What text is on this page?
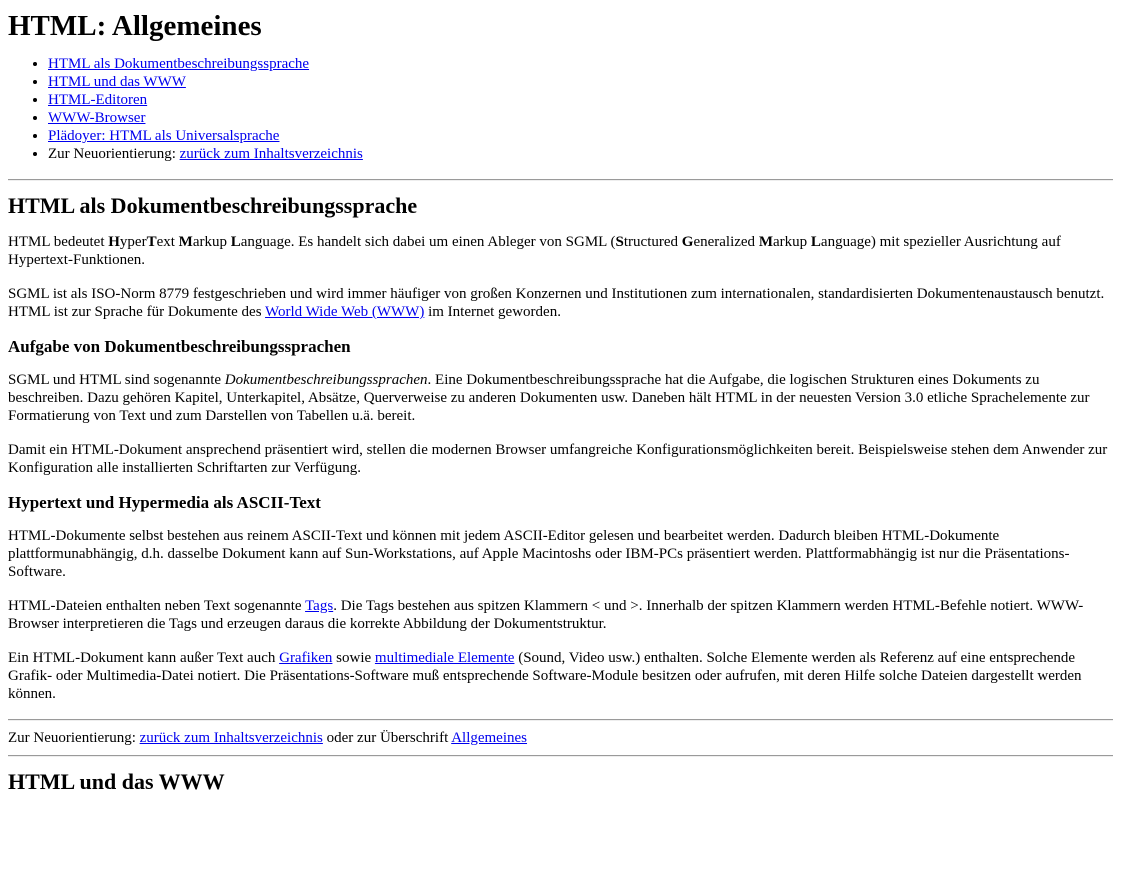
HTML: Allgemeines
• HTML als Dokumentbeschreibungssprache
• HTML und das WWW
• HTML-Editoren
• WWW-Browser
• Plädoyer: HTML als Universalsprache
• Zur Neuorientierung: zurück zum Inhaltsverzeichnis
HTML als Dokumentbeschreibungssprache

HTML bedeutet HyperText Markup Language. Es handelt sich dabei um einen Ableger von SGML (Structured Generalized Markup Language) mit spezieller Ausrichtung auf Hypertext-Funktionen.

SGML ist als ISO-Norm 8779 festgeschrieben und wird immer häufiger von großen Konzernen und Institutionen zum internationalen, standardisierten Dokumentenaustausch benutzt. HTML ist zur Sprache für Dokumente des World Wide Web (WWW) im Internet geworden.

Aufgabe von Dokumentbeschreibungssprachen

SGML und HTML sind sogenannte Dokumentbeschreibungssprachen. Eine Dokumentbeschreibungssprache hat die Aufgabe, die logischen Strukturen eines Dokuments zu beschreiben. Dazu gehören Kapitel, Unterkapitel, Absätze, Querverweise zu anderen Dokumenten usw. Daneben hält HTML in der neuesten Version 3.0 etliche Sprachelemente zur Formatierung von Text und zum Darstellen von Tabellen u.ä. bereit.

Damit ein HTML-Dokument ansprechend präsentiert wird, stellen die modernen Browser umfangreiche Konfigurationsmöglichkeiten bereit. Beispielsweise stehen dem Anwender zur Konfiguration alle installierten Schriftarten zur Verfügung.

Hypertext und Hypermedia als ASCII-Text

HTML-Dokumente selbst bestehen aus reinem ASCII-Text und können mit jedem ASCII-Editor gelesen und bearbeitet werden. Dadurch bleiben HTML-Dokumente plattformunabhängig, d.h. dasselbe Dokument kann auf Sun-Workstations, auf Apple Macintoshs oder IBM-PCs präsentiert werden. Plattformabhängig ist nur die Präsentations-Software.

HTML-Dateien enthalten neben Text sogenannte Tags. Die Tags bestehen aus spitzen Klammern < und >. Innerhalb der spitzen Klammern werden HTML-Befehle notiert. WWW-Browser interpretieren die Tags und erzeugen daraus die korrekte Abbildung der Dokumentstruktur.

Ein HTML-Dokument kann außer Text auch Grafiken sowie multimediale Elemente (Sound, Video usw.) enthalten. Solche Elemente werden als Referenz auf eine entsprechende Grafik- oder Multimedia-Datei notiert. Die Präsentations-Software muß entsprechende Software-Module besitzen oder aufrufen, mit deren Hilfe solche Dateien dargestellt werden können.

Zur Neuorientierung: zurück zum Inhaltsverzeichnis oder zur Überschrift Allgemeines

HTML und das WWW
